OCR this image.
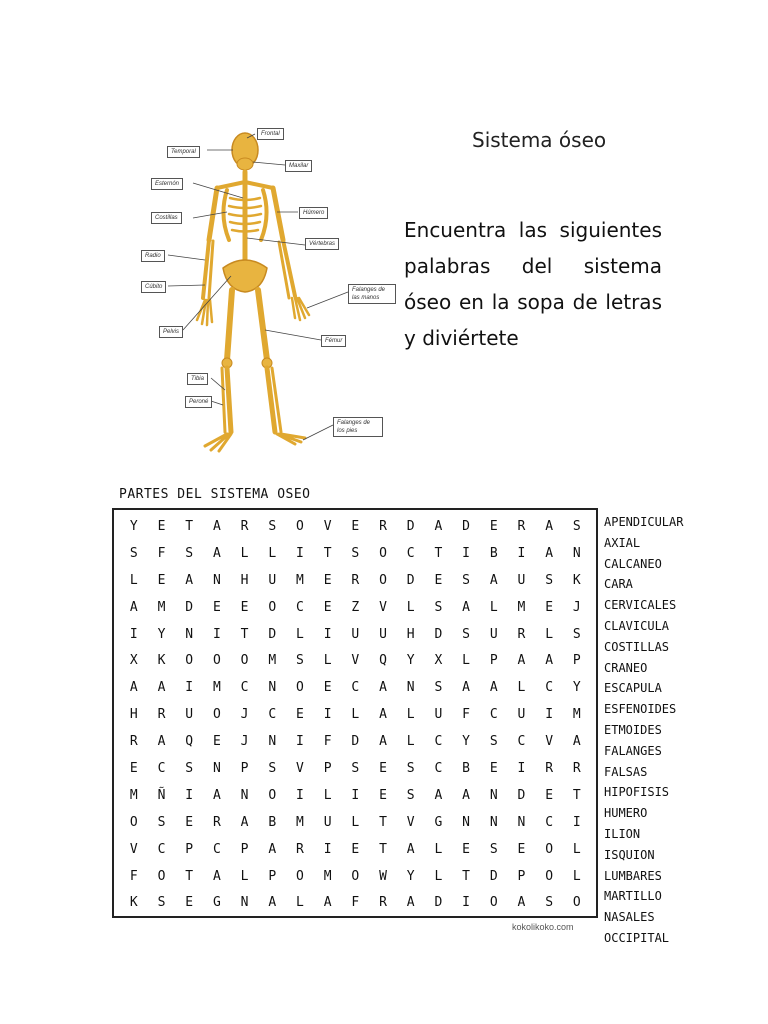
Frontal
Temporal
Maxilar
Esternón
Costillas
Húmero
Vértebras
Radio
Cúbito	Falanges de las manos
Pelvis
Fémur
Tibia
Peroné
Falanges de los pies
Sistema óseo
Encuentra las siguientes palabras del sistema óseo en la sopa de letras y diviértete
PARTES DEL SISTEMA OSEO
Y	E	T	A	R	S	O	V	E	R	D	A	D	E	R	A	S
S	F	S	A	L	L	I	T	S	O	C	T	I	B	I	A	N
L	E	A	N	H	U	M	E	R	O	D	E	S	A	U	S	K
A	M	D	E	E	O	C	E	Z	V	L	S	A	L	M	E	J
I	Y	N	I	T	D	L	I	U	U	H	D	S	U	R	L	S
X	K	O	O	O	M	S	L	V	Q	Y	X	L	P	A	A	P
A	A	I	M	C	N	O	E	C	A	N	S	A	A	L	C	Y
H	R	U	O	J	C	E	I	L	A	L	U	F	C	U	I	M
R	A	Q	E	J	N	I	F	D	A	L	C	Y	S	C	V	A
E	C	S	N	P	S	V	P	S	E	S	C	B	E	I	R	R
M	Ñ	I	A	N	O	I	L	I	E	S	A	A	N	D	E	T
O	S	E	R	A	B	M	U	L	T	V	G	N	N	N	C	I
V	C	P	C	P	A	R	I	E	T	A	L	E	S	E	O	L
F	O	T	A	L	P	O	M	O	W	Y	L	T	D	P	O	L
K	S	E	G	N	A	L	A	F	R	A	D	I	O	A	S	O
APENDICULAR
AXIAL
CALCANEO
CARA
CERVICALES
CLAVICULA
COSTILLAS
CRANEO
ESCAPULA
ESFENOIDES
ETMOIDES
FALANGES
FALSAS
HIPOFISIS
HUMERO
ILION
ISQUION
LUMBARES
MARTILLO
NASALES
OCCIPITAL
kokolikoko.com
